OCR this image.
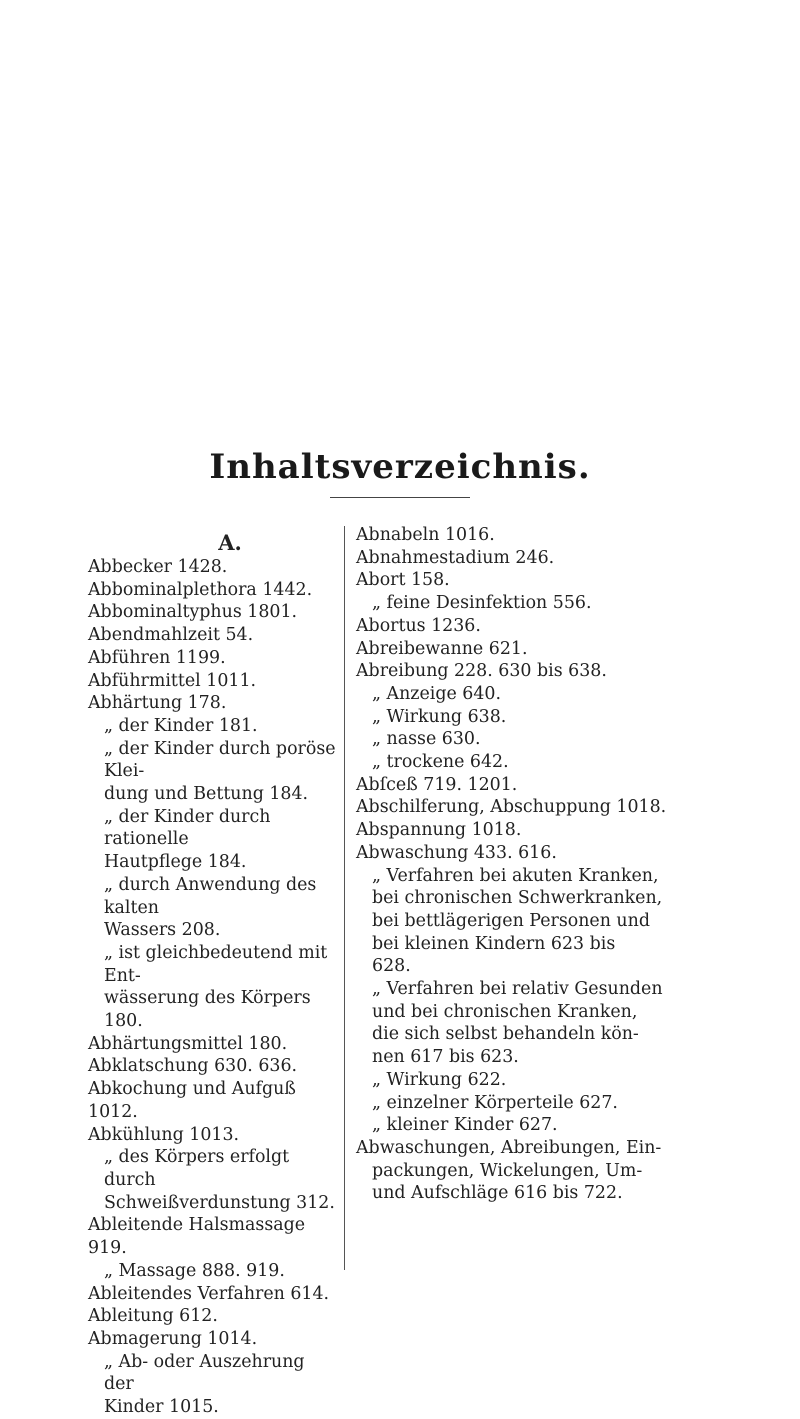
Inhaltsverzeichnis.
A.
Abbecker 1428.
Abbominalplethora 1442.
Abbominaltyphus 1801.
Abendmahlzeit 54.
Abführen 1199.
Abführmittel 1011.
Abhärtung 178.
„ der Kinder 181.
„ der Kinder durch poröse Klei-
dung und Bettung 184.
„ der Kinder durch rationelle
Hautpflege 184.
„ durch Anwendung des kalten
Wassers 208.
„ ist gleichbedeutend mit Ent-
wässerung des Körpers 180.
Abhärtungsmittel 180.
Abklatschung 630. 636.
Abkochung und Aufguß 1012.
Abkühlung 1013.
„ des Körpers erfolgt durch
Schweißverdunstung 312.
Ableitende Halsmassage 919.
„ Massage 888. 919.
Ableitendes Verfahren 614.
Ableitung 612.
Abmagerung 1014.
„ Ab- oder Auszehrung der
Kinder 1015.
Abnabeln 1016.
Abnahmestadium 246.
Abort 158.
„ feine Desinfektion 556.
Abortus 1236.
Abreibewanne 621.
Abreibung 228. 630 bis 638.
„ Anzeige 640.
„ Wirkung 638.
„ nasse 630.
„ trockene 642.
Abſceß 719. 1201.
Abschilferung, Abschuppung 1018.
Abspannung 1018.
Abwaschung 433. 616.
„ Verfahren bei akuten Kranken,
bei chronischen Schwerkranken,
bei bettlägerigen Personen und
bei kleinen Kindern 623 bis
628.
„ Verfahren bei relativ Gesunden
und bei chronischen Kranken,
die sich selbst behandeln kön-
nen 617 bis 623.
„ Wirkung 622.
„ einzelner Körperteile 627.
„ kleiner Kinder 627.
Abwaschungen, Abreibungen, Ein-
packungen, Wickelungen, Um-
und Aufschläge 616 bis 722.
